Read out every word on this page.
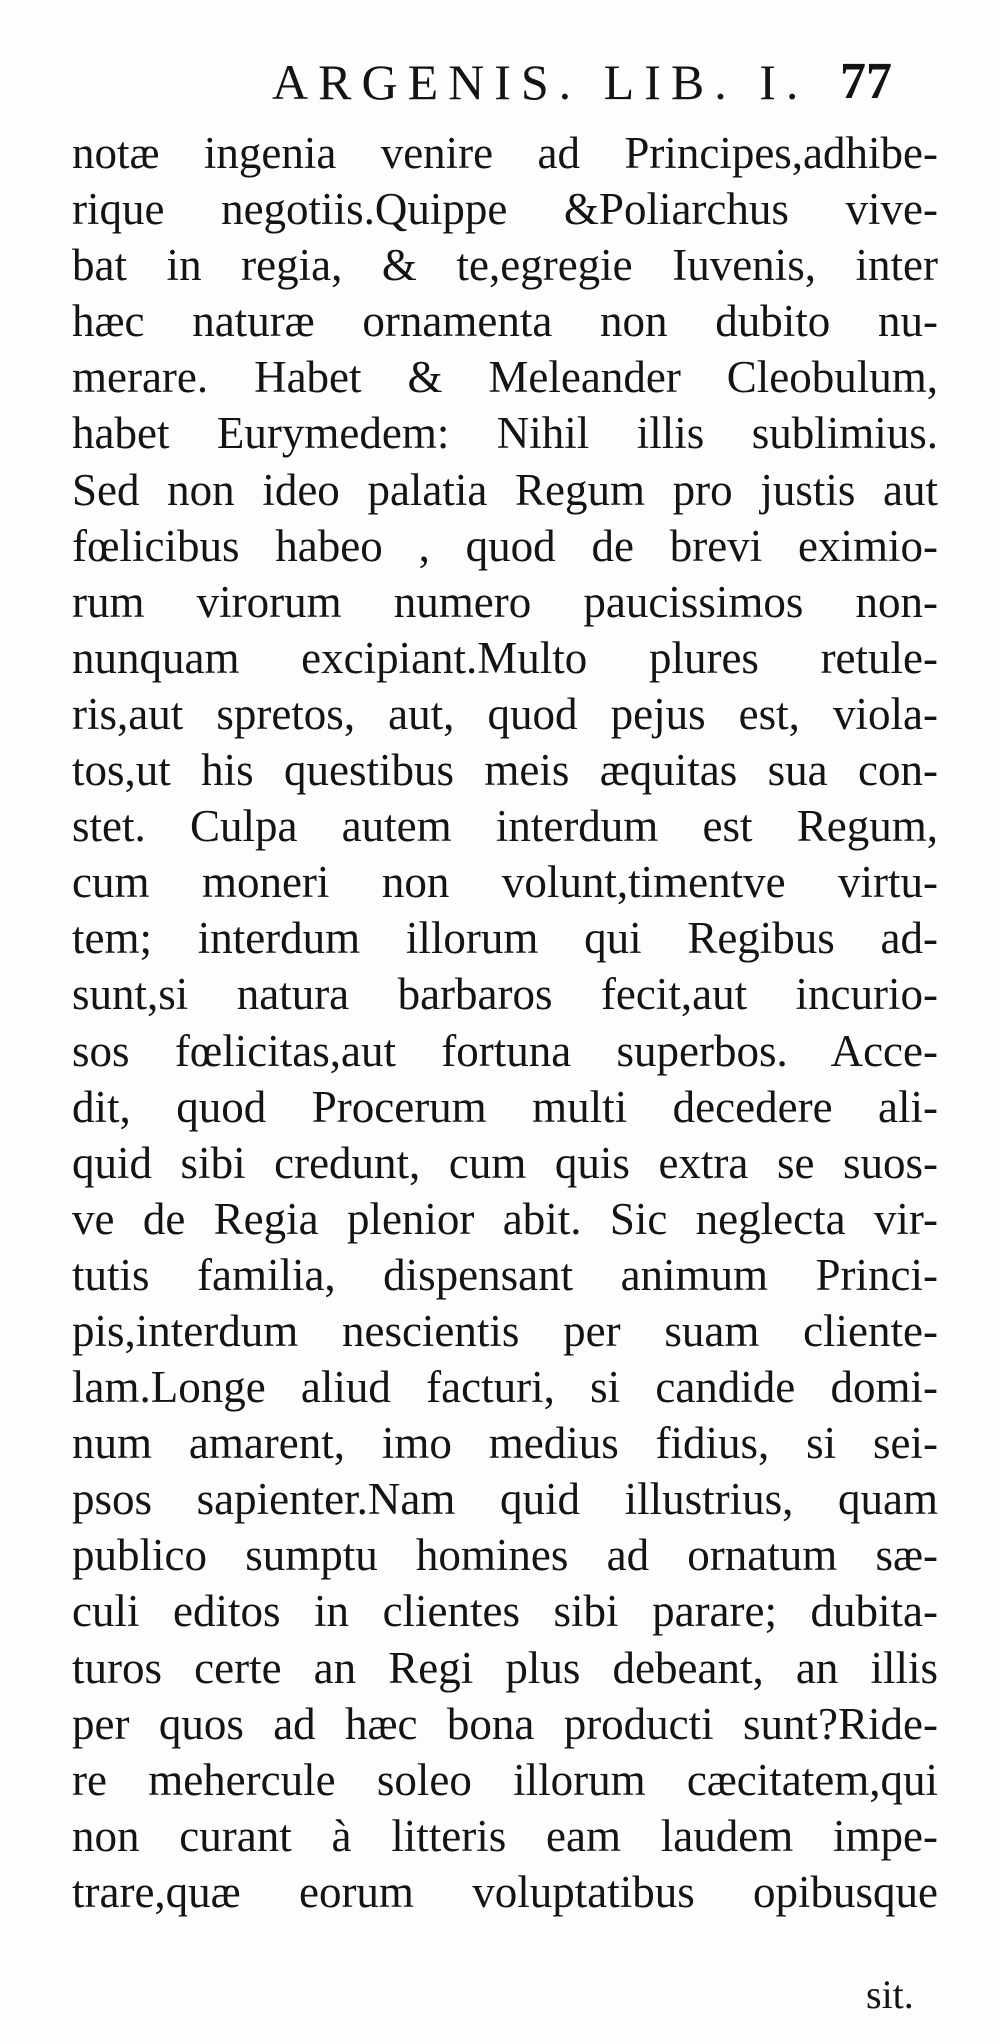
ARGENIS. LIB. I. 77
notæ ingenia venire ad Principes,adhibe-
rique negotiis.Quippe &Poliarchus vive-
bat in regia, & te,egregie Iuvenis, inter
hæc naturæ ornamenta non dubito nu-
merare. Habet & Meleander Cleobulum,
habet Eurymedem: Nihil illis sublimius.
Sed non ideo palatia Regum pro justis aut
fœlicibus habeo , quod de brevi eximio-
rum virorum numero paucissimos non-
nunquam excipiant.Multo plures retule-
ris,aut spretos, aut, quod pejus est, viola-
tos,ut his questibus meis æquitas sua con-
stet. Culpa autem interdum est Regum,
cum moneri non volunt,timentve virtu-
tem; interdum illorum qui Regibus ad-
sunt,si natura barbaros fecit,aut incurio-
sos fœlicitas,aut fortuna superbos. Acce-
dit, quod Procerum multi decedere ali-
quid sibi credunt, cum quis extra se suos-
ve de Regia plenior abit. Sic neglecta vir-
tutis familia, dispensant animum Princi-
pis,interdum nescientis per suam cliente-
lam.Longe aliud facturi, si candide domi-
num amarent, imo medius fidius, si sei-
psos sapienter.Nam quid illustrius, quam
publico sumptu homines ad ornatum sæ-
culi editos in clientes sibi parare; dubita-
turos certe an Regi plus debeant, an illis
per quos ad hæc bona producti sunt?Ride-
re mehercule soleo illorum cæcitatem,qui
non curant à litteris eam laudem impe-
trare,quæ eorum voluptatibus opibusque
sit.
